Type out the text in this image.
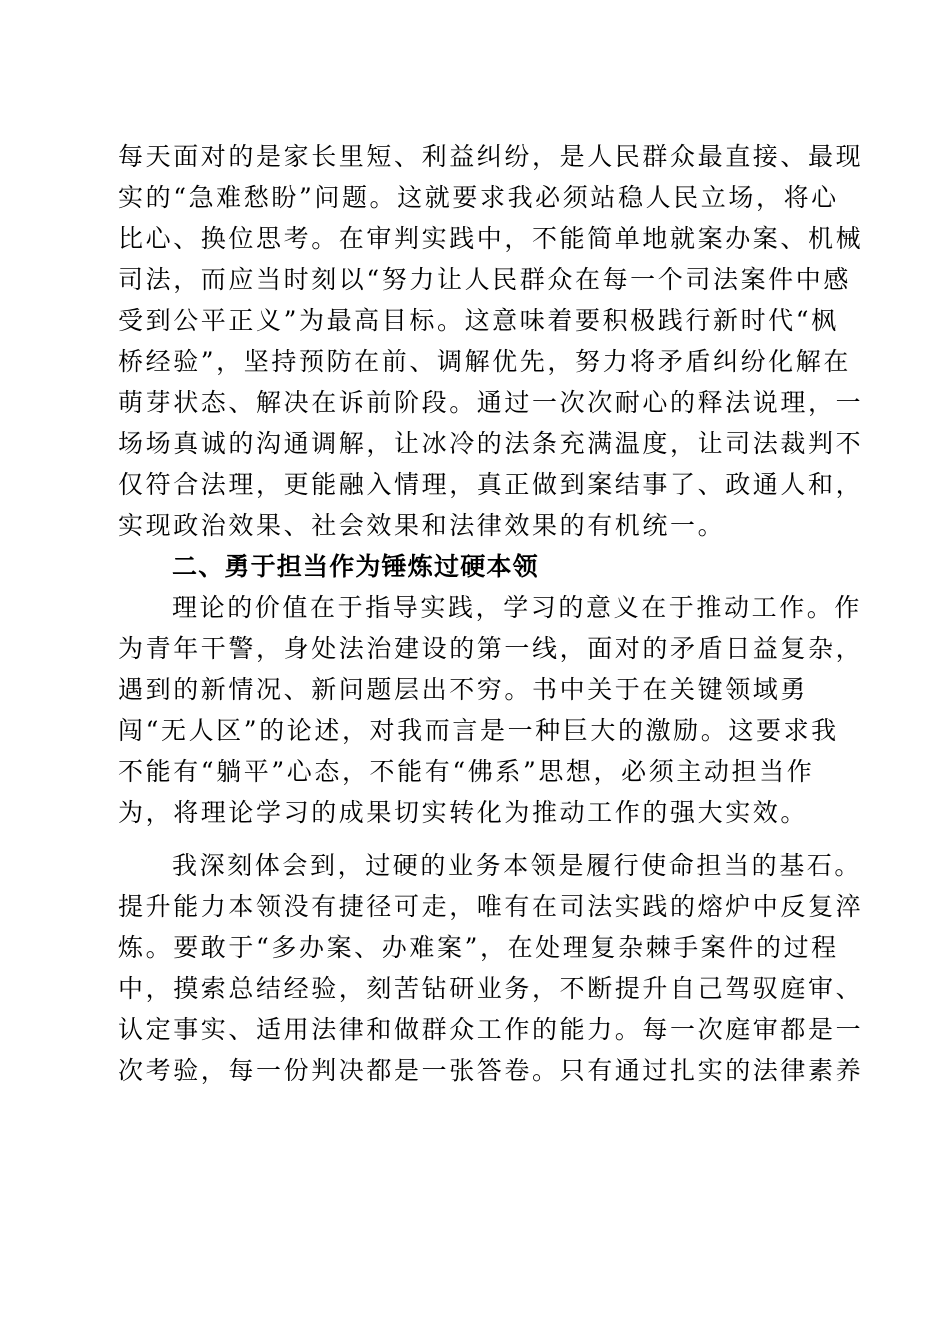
每天面对的是家长里短、利益纠纷，是人民群众最直接、最现
实的“急难愁盼”问题。这就要求我必须站稳人民立场，将心
比心、换位思考。在审判实践中，不能简单地就案办案、机械
司法，而应当时刻以“努力让人民群众在每一个司法案件中感
受到公平正义”为最高目标。这意味着要积极践行新时代“枫
桥经验”，坚持预防在前、调解优先，努力将矛盾纠纷化解在
萌芽状态、解决在诉前阶段。通过一次次耐心的释法说理，一
场场真诚的沟通调解，让冰冷的法条充满温度，让司法裁判不
仅符合法理，更能融入情理，真正做到案结事了、政通人和，
实现政治效果、社会效果和法律效果的有机统一。
二、勇于担当作为锤炼过硬本领
理论的价值在于指导实践，学习的意义在于推动工作。作
为青年干警，身处法治建设的第一线，面对的矛盾日益复杂，
遇到的新情况、新问题层出不穷。书中关于在关键领域勇
闯“无人区”的论述，对我而言是一种巨大的激励。这要求我
不能有“躺平”心态，不能有“佛系”思想，必须主动担当作
为，将理论学习的成果切实转化为推动工作的强大实效。
我深刻体会到，过硬的业务本领是履行使命担当的基石。
提升能力本领没有捷径可走，唯有在司法实践的熔炉中反复淬
炼。要敢于“多办案、办难案”，在处理复杂棘手案件的过程
中，摸索总结经验，刻苦钻研业务，不断提升自己驾驭庭审、
认定事实、适用法律和做群众工作的能力。每一次庭审都是一
次考验，每一份判决都是一张答卷。只有通过扎实的法律素养
